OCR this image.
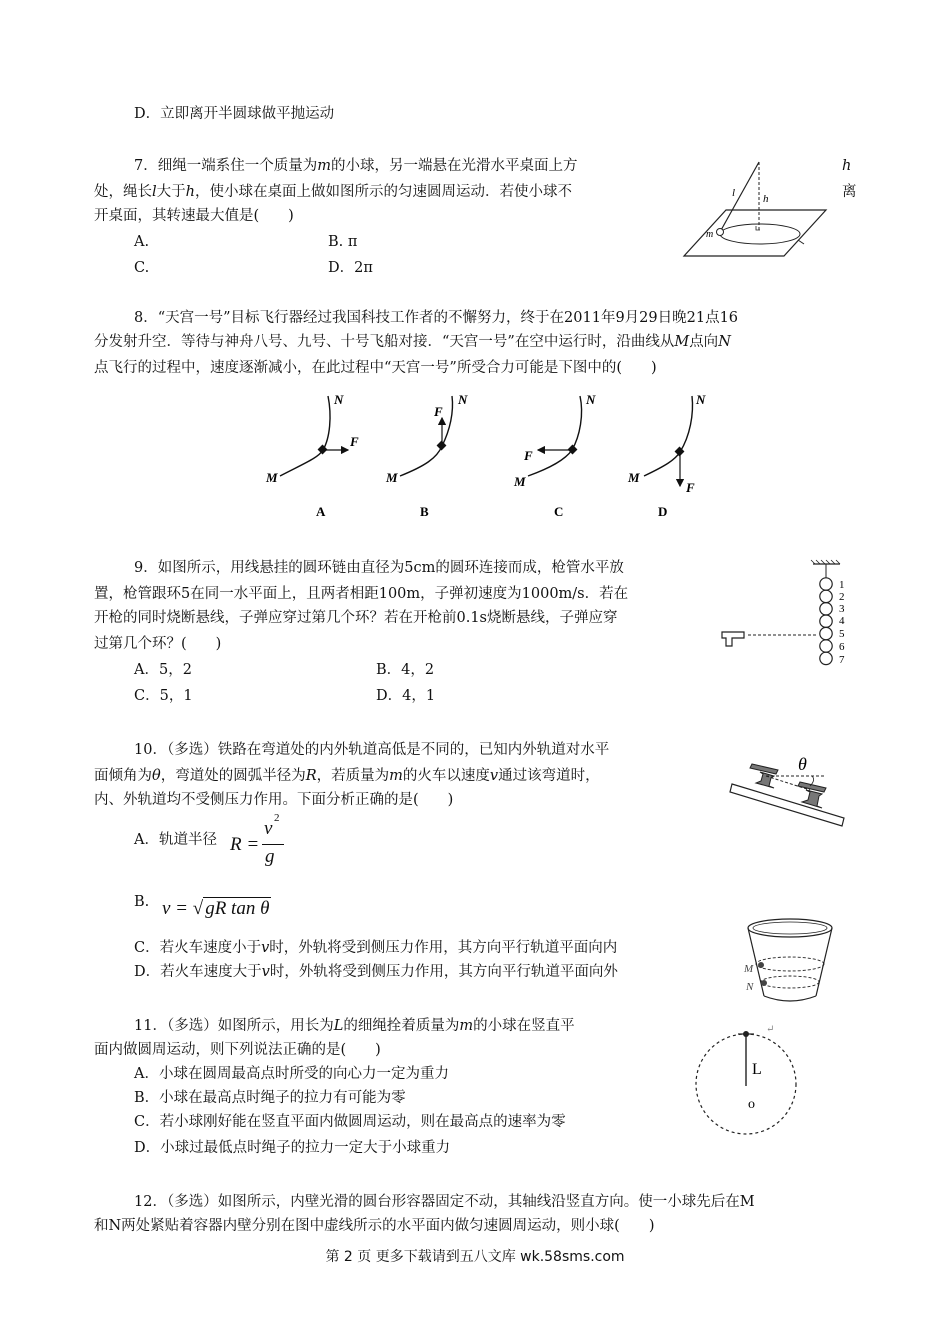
D．立即离开半圆球做平抛运动
7．细绳一端系住一个质量为m的小球，另一端悬在光滑水平桌面上方	h
处，绳长l大于h，使小球在桌面上做如图所示的匀速圆周运动．若使小球不	离
开桌面，其转速最大值是(　　)
A.	B. π
C.	D．2π
h
l
m
8．“天宫一号”目标飞行器经过我国科技工作者的不懈努力，终于在2011年9月29日晚21点16
分发射升空．等待与神舟八号、九号、十号飞船对接．“天宫一号”在空中运行时，沿曲线从M点向N
点飞行的过程中，速度逐渐减小，在此过程中“天宫一号”所受合力可能是下图中的(　　)
N
M
F
A
N
F
M
B
N
F
M
C
N
M
F
D
9．如图所示，用线悬挂的圆环链由直径为5cm的圆环连接而成，枪管水平放
置，枪管跟环5在同一水平面上，且两者相距100m，子弹初速度为1000m/s．若在
开枪的同时烧断悬线，子弹应穿过第几个环？若在开枪前0.1s烧断悬线，子弹应穿
过第几个环？(　　)
A．5，2	B．4，2
C．5，1	D．4，1
1
2
3
4
5
6
7
10．（多选）铁路在弯道处的内外轨道高低是不同的，已知内外轨道对水平
面倾角为θ，弯道处的圆弧半径为R，若质量为m的火车以速度v通过该弯道时，
内、外轨道均不受侧压力作用。下面分析正确的是(　　)
A．轨道半径 R =
v 2
g
B. v = √ gR tan θ
C．若火车速度小于v时，外轨将受到侧压力作用，其方向平行轨道平面向内
D．若火车速度大于v时，外轨将受到侧压力作用，其方向平行轨道平面向外
θ
11．（多选）如图所示，用长为L的细绳拴着质量为m的小球在竖直平
面内做圆周运动，则下列说法正确的是(　　)
A．小球在圆周最高点时所受的向心力一定为重力
B．小球在最高点时绳子的拉力有可能为零
C．若小球刚好能在竖直平面内做圆周运动，则在最高点的速率为零
D．小球过最低点时绳子的拉力一定大于小球重力
M
N
L
o
↵
12．（多选）如图所示，内壁光滑的圆台形容器固定不动，其轴线沿竖直方向。使一小球先后在M
和N两处紧贴着容器内壁分别在图中虚线所示的水平面内做匀速圆周运动，则小球(　　)
第 2 页 更多下载请到五八文库 wk.58sms.com
